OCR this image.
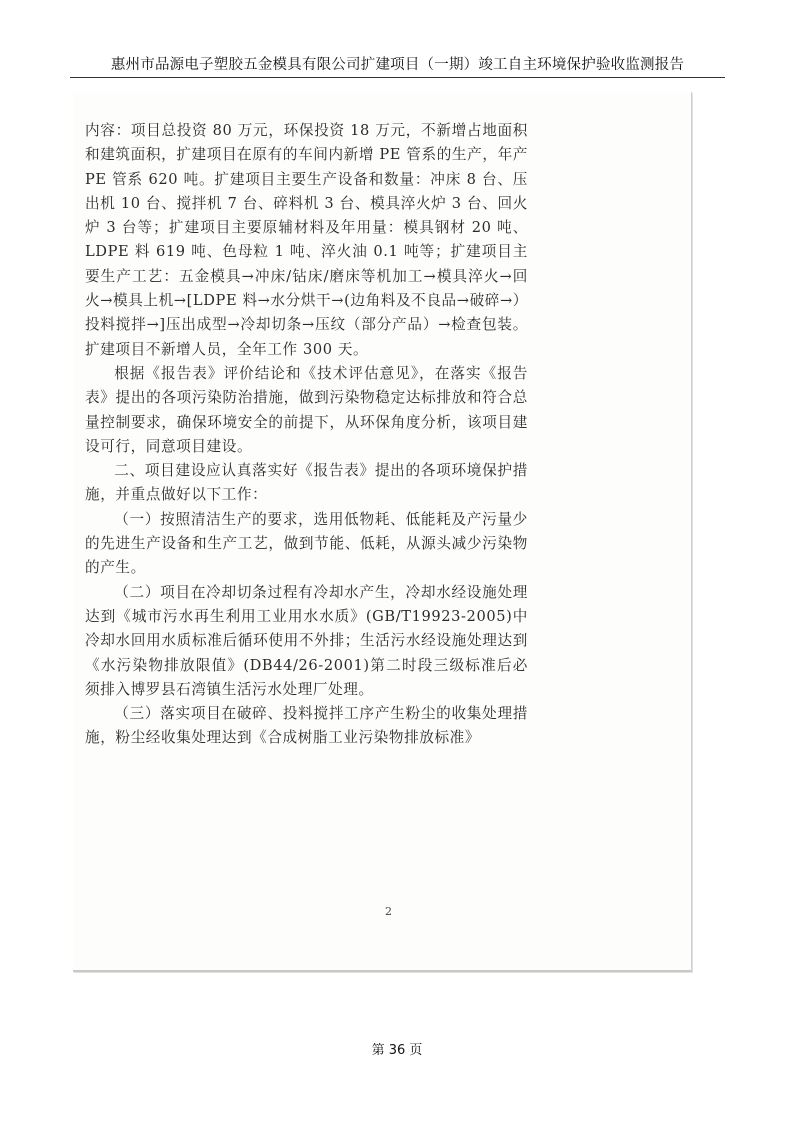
惠州市品源电子塑胶五金模具有限公司扩建项目（一期）竣工自主环境保护验收监测报告

内容：项目总投资 80 万元，环保投资 18 万元，不新增占地面积和建筑面积，扩建项目在原有的车间内新增 PE 管系的生产，年产 PE 管系 620 吨。扩建项目主要生产设备和数量：冲床 8 台、压出机 10 台、搅拌机 7 台、碎料机 3 台、模具淬火炉 3 台、回火炉 3 台等；扩建项目主要原辅材料及年用量：模具钢材 20 吨、LDPE 料 619 吨、色母粒 1 吨、淬火油 0.1 吨等；扩建项目主要生产工艺：五金模具→冲床/钻床/磨床等机加工→模具淬火→回火→模具上机→[LDPE 料→水分烘干→(边角料及不良品→破碎→）投料搅拌→]压出成型→冷却切条→压纹（部分产品）→检查包装。扩建项目不新增人员，全年工作 300 天。

根据《报告表》评价结论和《技术评估意见》，在落实《报告表》提出的各项污染防治措施，做到污染物稳定达标排放和符合总量控制要求，确保环境安全的前提下，从环保角度分析，该项目建设可行，同意项目建设。

二、项目建设应认真落实好《报告表》提出的各项环境保护措施，并重点做好以下工作：

（一）按照清洁生产的要求，选用低物耗、低能耗及产污量少的先进生产设备和生产工艺，做到节能、低耗，从源头减少污染物的产生。

（二）项目在冷却切条过程有冷却水产生，冷却水经设施处理达到《城市污水再生利用工业用水水质》(GB/T19923-2005)中冷却水回用水质标准后循环使用不外排；生活污水经设施处理达到《水污染物排放限值》(DB44/26-2001)第二时段三级标准后必须排入博罗县石湾镇生活污水处理厂处理。

（三）落实项目在破碎、投料搅拌工序产生粉尘的收集处理措施，粉尘经收集处理达到《合成树脂工业污染物排放标准》

2
第 36 页
